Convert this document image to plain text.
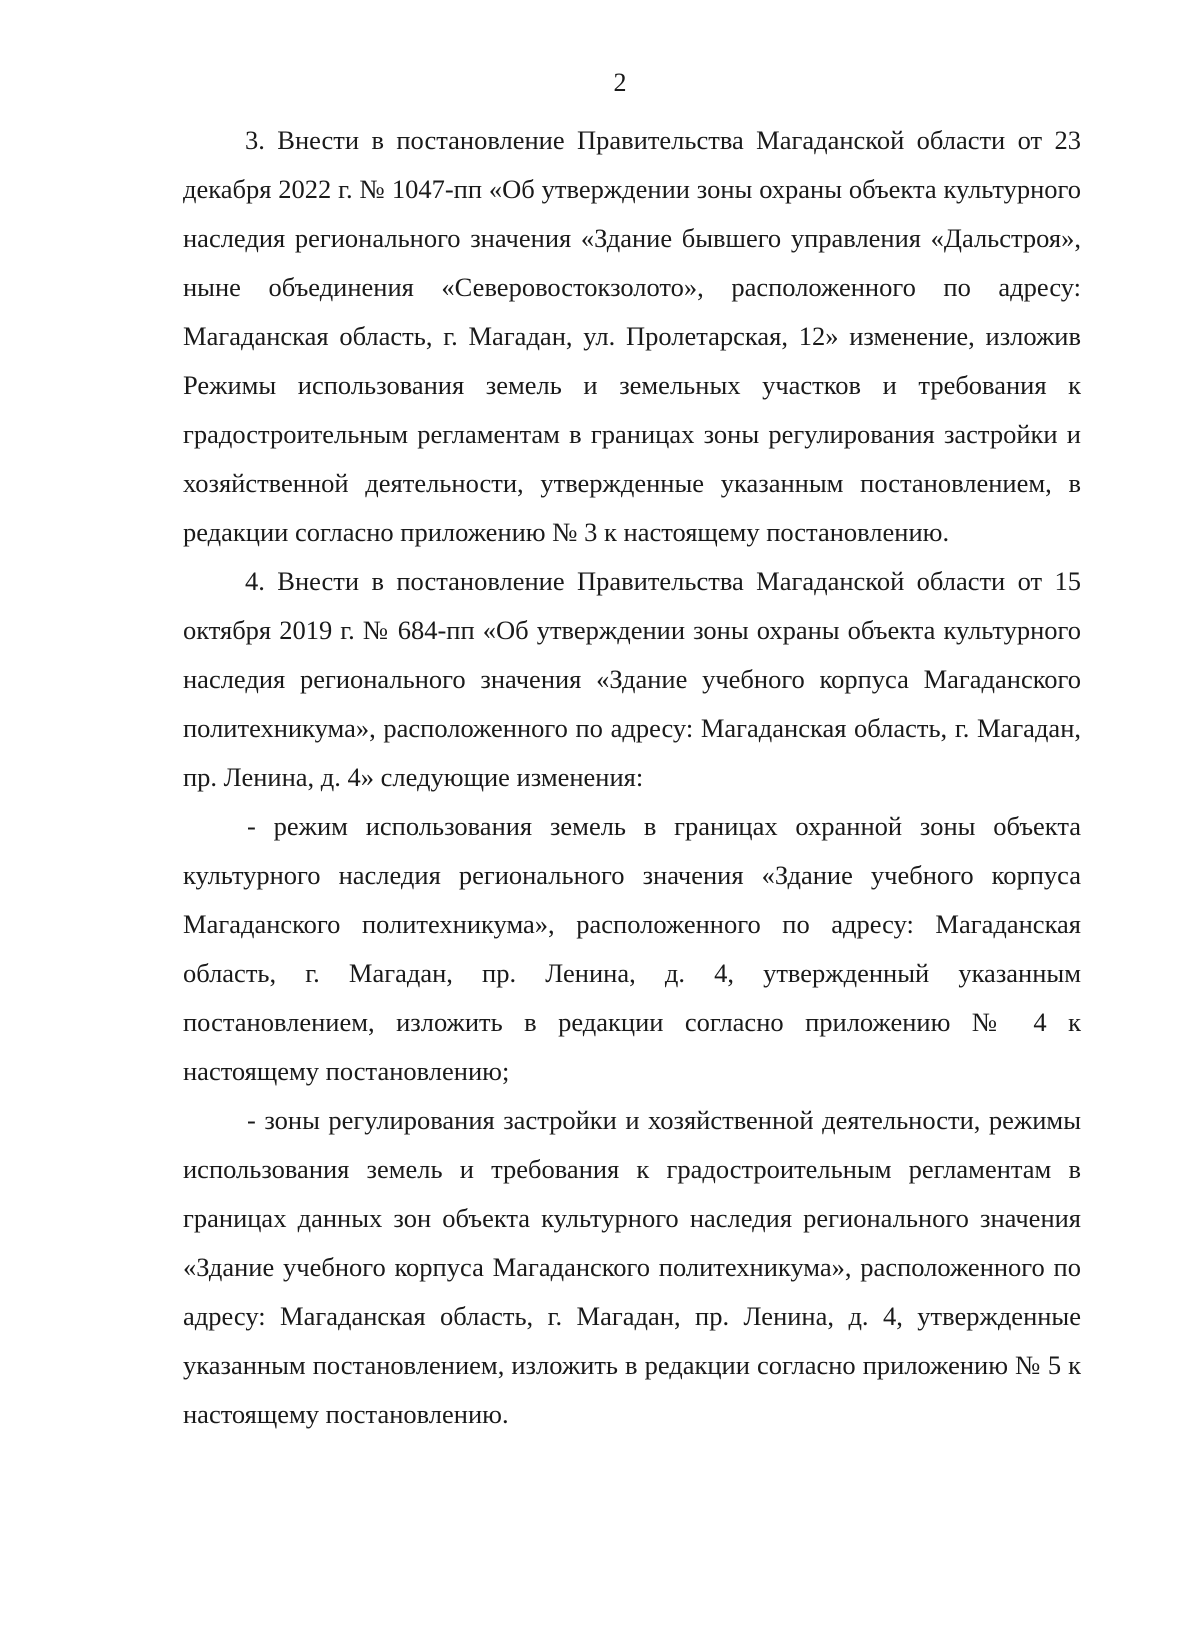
2

3. Внести в постановление Правительства Магаданской области от 23 декабря 2022 г. № 1047-пп «Об утверждении зоны охраны объекта культурного наследия регионального значения «Здание бывшего управления «Дальстроя», ныне объединения «Северовостокзолото», расположенного по адресу: Магаданская область, г. Магадан, ул. Пролетарская, 12» изменение, изложив Режимы использования земель и земельных участков и требования к градостроительным регламентам в границах зоны регулирования застройки и хозяйственной деятельности, утвержденные указанным постановлением, в редакции согласно приложению № 3 к настоящему постановлению.

4. Внести в постановление Правительства Магаданской области от 15 октября 2019 г. № 684-пп «Об утверждении зоны охраны объекта культурного наследия регионального значения «Здание учебного корпуса Магаданского политехникума», расположенного по адресу: Магаданская область, г. Магадан, пр. Ленина, д. 4» следующие изменения:

- режим использования земель в границах охранной зоны объекта культурного наследия регионального значения «Здание учебного корпуса Магаданского политехникума», расположенного по адресу: Магаданская область, г. Магадан, пр. Ленина, д. 4, утвержденный указанным постановлением, изложить в редакции согласно приложению № 4 к настоящему постановлению;

- зоны регулирования застройки и хозяйственной деятельности, режимы использования земель и требования к градостроительным регламентам в границах данных зон объекта культурного наследия регионального значения «Здание учебного корпуса Магаданского политехникума», расположенного по адресу: Магаданская область, г. Магадан, пр. Ленина, д. 4, утвержденные указанным постановлением, изложить в редакции согласно приложению № 5 к настоящему постановлению.
